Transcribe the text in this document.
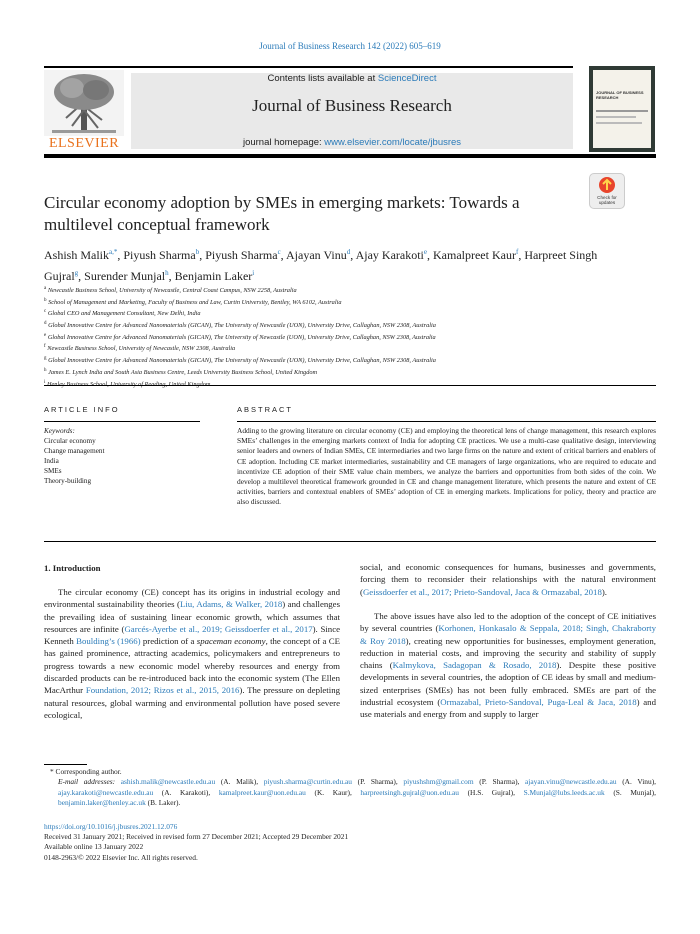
Journal of Business Research 142 (2022) 605–619
ELSEVIER
Contents lists available at ScienceDirect
Journal of Business Research
journal homepage: www.elsevier.com/locate/jbusres
JOURNAL OF BUSINESS RESEARCH
Check for updates
Circular economy adoption by SMEs in emerging markets: Towards a multilevel conceptual framework
Ashish Malik$^{a,*}$, Piyush Sharma$^b$, Piyush Sharma$^c$, Ajayan Vinu$^d$, Ajay Karakoti$^e$, Kamalpreet Kaur$^f$, Harpreet Singh Gujral$^g$, Surender Munjal$^h$, Benjamin Laker$^i$
$^a$ Newcastle Business School, University of Newcastle, Central Coast Campus, NSW 2258, Australia
$^b$ School of Management and Marketing, Faculty of Business and Law, Curtin University, Bentley, WA 6102, Australia
$^c$ Global CEO and Management Consultant, New Delhi, India
$^d$ Global Innovative Centre for Advanced Nanomaterials (GICAN), The University of Newcastle (UON), University Drive, Callaghan, NSW 2308, Australia
$^e$ Global Innovative Centre for Advanced Nanomaterials (GICAN), The University of Newcastle (UON), University Drive, Callaghan, NSW 2308, Australia
$^f$ Newcastle Business School, University of Newcastle, NSW 2308, Australia
$^g$ Global Innovative Centre for Advanced Nanomaterials (GICAN), The University of Newcastle (UON), University Drive, Callaghan, NSW 2308, Australia
$^h$ James E. Lynch India and South Asia Business Centre, Leeds University Business School, United Kingdom
$^i$
ARTICLE INFO	ABSTRACT
Keywords:
Circular economy
Change management
India
SMEs
Theory-building
Adding to the growing literature on circular economy (CE) and employing the theoretical lens of change management, this research explores SMEs’ challenges in the emerging markets context of India for adopting CE practices. We use a multi-case qualitative design, interviewing senior leaders and owners of Indian SMEs, CE intermediaries and two large firms on the nature and extent of critical barriers and enablers of CE adoption. Including CE market intermediaries, sustainability and CE managers of large organizations, who are required to educate and incentivize CE adoption of their SME value chain members, we analyze the barriers and opportunities from both sides of the coin. We develop a multilevel theoretical framework grounded in CE and change management literature, which presents the nature and extent of CE activities, barriers and contextual enablers of SMEs’ adoption of CE in emerging markets. Implications for policy, theory and practice are also discussed.
1. Introduction
The circular economy (CE) concept has its origins in industrial ecology and environmental sustainability theories (Liu, Adams, & Walker, 2018) and challenges the prevailing idea of sustaining linear economic growth, which assumes that resources are infinite (Garcés-Ayerbe et al., 2019; Geissdoerfer et al., 2017). Since Kenneth Boulding’s (1966) prediction of a spaceman economy, the concept of a CE has gained prominence, attracting academics, policymakers and entrepreneurs to progress towards a new economic model whereby resources and energy from discarded products can be re-introduced back into the economic system (The Ellen MacArthur Foundation, 2012; Rizos et al., 2015, 2016). The pressure on depleting natural resources, global warming and environmental pollution have posed severe ecological,
social, and economic consequences for humans, businesses and governments, forcing them to reconsider their relationships with the natural environment (Geissdoerfer et al., 2017; Prieto-Sandoval, Jaca & Ormazabal, 2018).
The above issues have also led to the adoption of the concept of CE initiatives by several countries (Korhonen, Honkasalo & Seppala, 2018; Singh, Chakraborty & Roy 2018), creating new opportunities for businesses, employment generation, reduction in material costs, and improving the security and stability of supply chains (Kalmykova, Sadagopan & Rosado, 2018). Despite these positive developments in several countries, the adoption of CE ideas by small and medium-sized enterprises (SMEs) has not been fully embraced. SMEs are part of the industrial ecosystem (Ormazabal, Prieto-Sandoval, Puga-Leal & Jaca, 2018) and use materials and energy from and supply to larger
* Corresponding author.
E-mail addresses: ashish.malik@newcastle.edu.au (A. Malik), piyush.sharma@curtin.edu.au (P. Sharma), piyushshm@gmail.com (P. Sharma), ajayan.vinu@newcastle.edu.au (A. Vinu), ajay.karakoti@newcastle.edu.au (A. Karakoti), kamalpreet.kaur@uon.edu.au (K. Kaur), harpreetsingh.gujral@uon.edu.au (H.S. Gujral), S.Munjal@lubs.leeds.ac.uk (S. Munjal), benjamin.laker@henley.ac.uk (B. Laker).
https://doi.org/10.1016/j.jbusres.2021.12.076
Received 31 January 2021; Received in revised form 27 December 2021; Accepted 29 December 2021
Available online 13 January 2022
0148-2963/© 2022 Elsevier Inc. All rights reserved.
